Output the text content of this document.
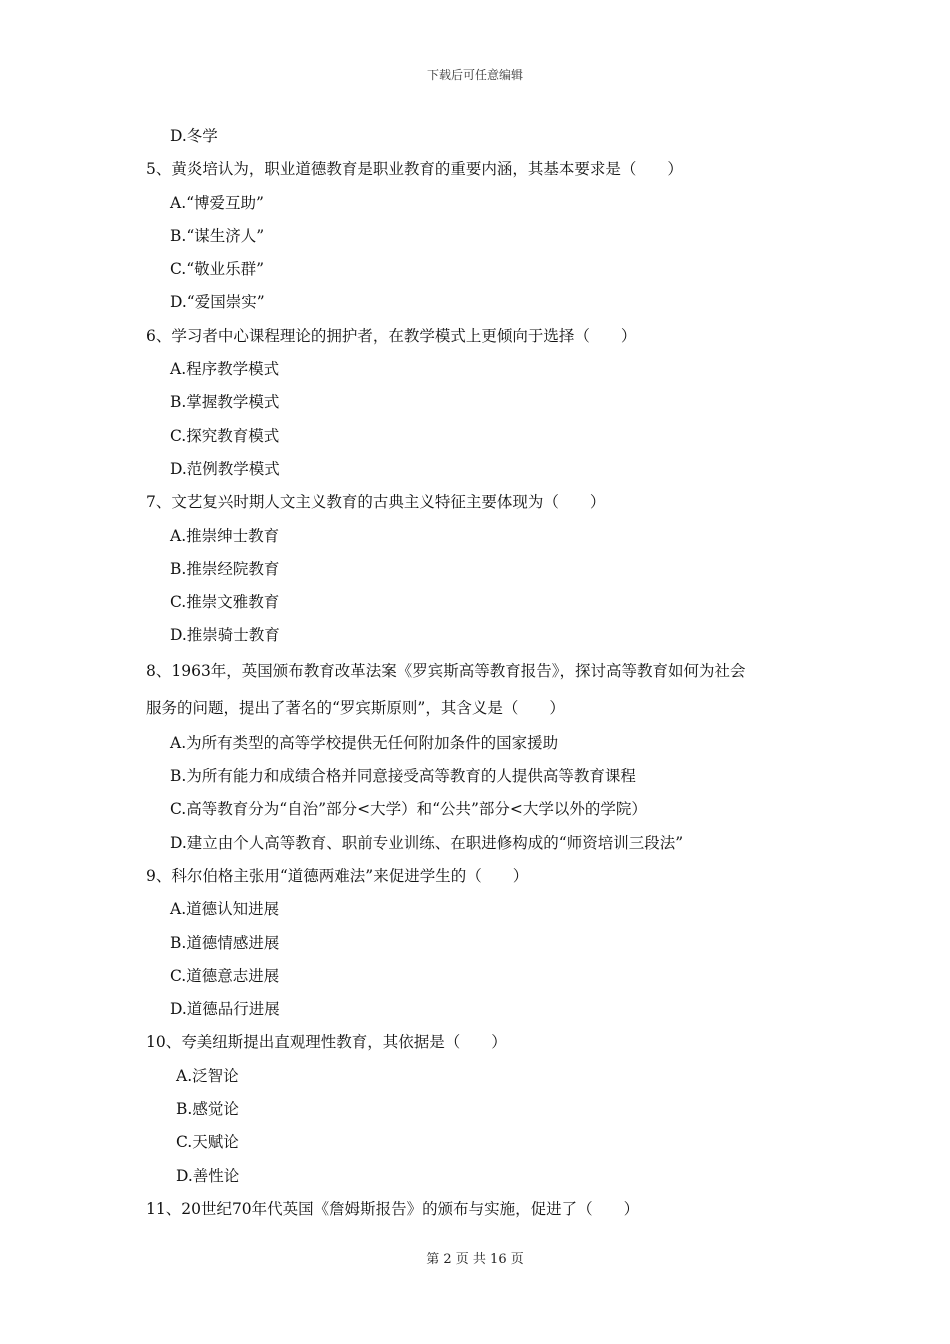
下载后可任意编辑
D.冬学
5、黄炎培认为，职业道德教育是职业教育的重要内涵，其基本要求是（　　）
A.“博爱互助”
B.“谋生济人”
C.“敬业乐群”
D.“爱国崇实”
6、学习者中心课程理论的拥护者，在教学模式上更倾向于选择（　　）
A.程序教学模式
B.掌握教学模式
C.探究教育模式
D.范例教学模式
7、文艺复兴时期人文主义教育的古典主义特征主要体现为（　　）
A.推崇绅士教育
B.推崇经院教育
C.推崇文雅教育
D.推崇骑士教育
8、1963年，英国颁布教育改革法案《罗宾斯高等教育报告》，探讨高等教育如何为社会
服务的问题，提出了著名的“罗宾斯原则”，其含义是（　　）
A.为所有类型的高等学校提供无任何附加条件的国家援助
B.为所有能力和成绩合格并同意接受高等教育的人提供高等教育课程
C.高等教育分为“自治”部分<大学）和“公共”部分<大学以外的学院）
D.建立由个人高等教育、职前专业训练、在职进修构成的“师资培训三段法”
9、科尔伯格主张用“道德两难法”来促进学生的（　　）
A.道德认知进展
B.道德情感进展
C.道德意志进展
D.道德品行进展
10、夸美纽斯提出直观理性教育，其依据是（　　）
A.泛智论
B.感觉论
C.天赋论
D.善性论
11、20世纪70年代英国《詹姆斯报告》的颁布与实施，促进了（　　）
第 2 页 共 16 页
